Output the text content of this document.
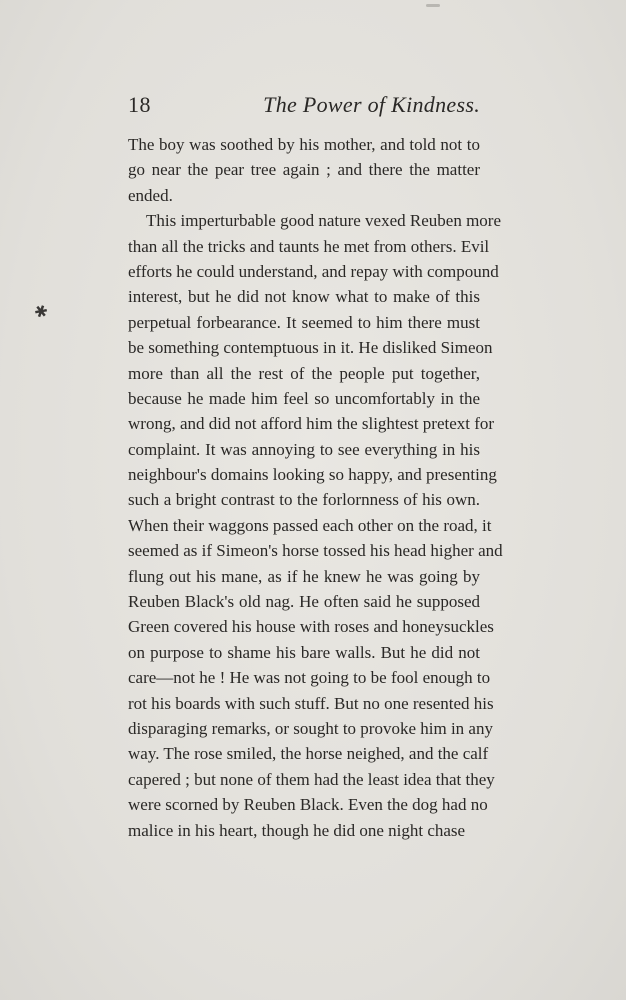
18	The Power of Kindness.
✱
The boy was soothed by his mother, and told not to
go near the pear tree again ; and there the matter
ended.
This imperturbable good nature vexed Reuben more
than all the tricks and taunts he met from others. Evil
efforts he could understand, and repay with compound
interest, but he did not know what to make of this
perpetual forbearance. It seemed to him there must
be something contemptuous in it. He disliked Simeon
more than all the rest of the people put together,
because he made him feel so uncomfortably in the
wrong, and did not afford him the slightest pretext for
complaint. It was annoying to see everything in his
neighbour's domains looking so happy, and presenting
such a bright contrast to the forlornness of his own.
When their waggons passed each other on the road, it
seemed as if Simeon's horse tossed his head higher and
flung out his mane, as if he knew he was going by
Reuben Black's old nag. He often said he supposed
Green covered his house with roses and honeysuckles
on purpose to shame his bare walls. But he did not
care—not he ! He was not going to be fool enough to
rot his boards with such stuff. But no one resented his
disparaging remarks, or sought to provoke him in any
way. The rose smiled, the horse neighed, and the calf
capered ; but none of them had the least idea that they
were scorned by Reuben Black. Even the dog had no
malice in his heart, though he did one night chase
